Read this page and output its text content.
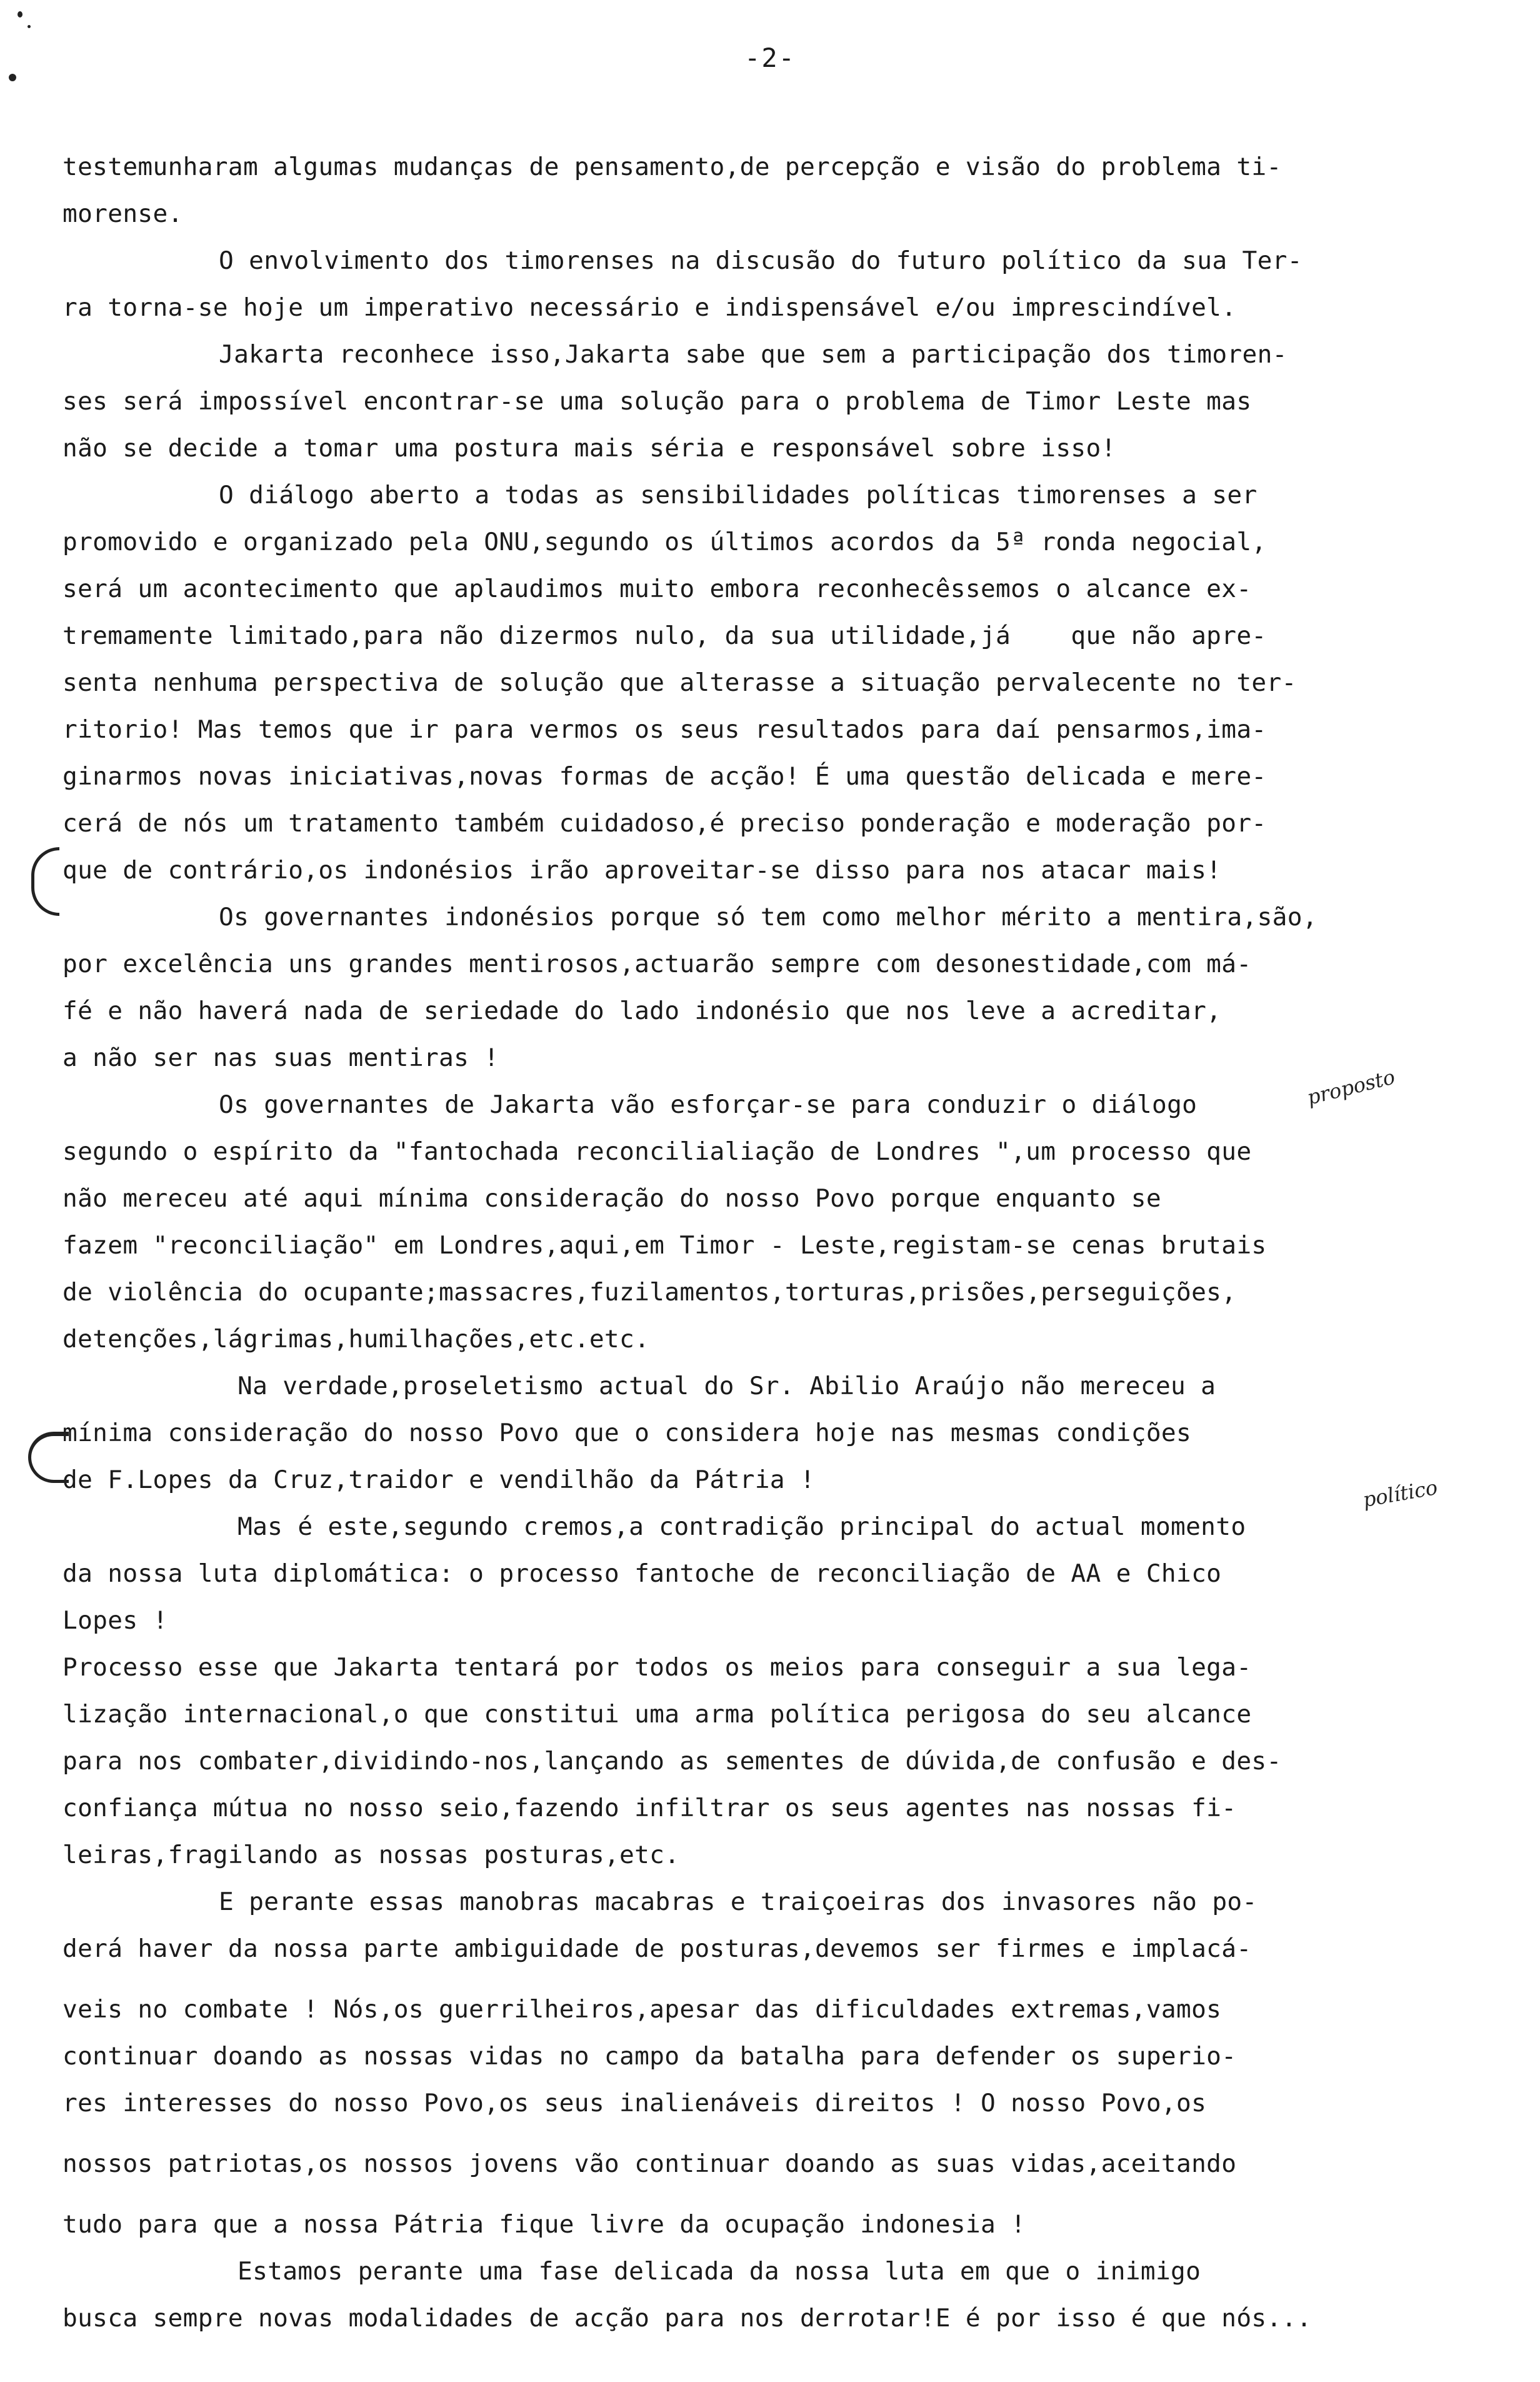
-2-
testemunharam algumas mudanças de pensamento,de percepção e visão do problema ti-
morense.
O envolvimento dos timorenses na discusão do futuro político da sua Ter-
ra torna-se hoje um imperativo necessário e indispensável e/ou imprescindível.
Jakarta reconhece isso,Jakarta sabe que sem a participação dos timoren-
ses será impossível encontrar-se uma solução para o problema de Timor Leste mas
não se decide a tomar uma postura mais séria e responsável sobre isso!
O diálogo aberto a todas as sensibilidades políticas timorenses a ser
promovido e organizado pela ONU,segundo os últimos acordos da 5ª ronda negocial,
será um acontecimento que aplaudimos muito embora reconhecêssemos o alcance ex-
tremamente limitado,para não dizermos nulo, da sua utilidade,já    que não apre-
senta nenhuma perspectiva de solução que alterasse a situação pervalecente no ter-
ritorio! Mas temos que ir para vermos os seus resultados para daí pensarmos,ima-
ginarmos novas iniciativas,novas formas de acção! É uma questão delicada e mere-
cerá de nós um tratamento também cuidadoso,é preciso ponderação e moderação por-
que de contrário,os indonésios irão aproveitar-se disso para nos atacar mais!
Os governantes indonésios porque só tem como melhor mérito a mentira,são,
por excelência uns grandes mentirosos,actuarão sempre com desonestidade,com má-
fé e não haverá nada de seriedade do lado indonésio que nos leve a acreditar,
a não ser nas suas mentiras !
Os governantes de Jakarta vão esforçar-se para conduzir o diálogo
segundo o espírito da "fantochada reconcilialiação de Londres ",um processo que
não mereceu até aqui mínima consideração do nosso Povo porque enquanto se
fazem "reconciliação" em Londres,aqui,em Timor - Leste,registam-se cenas brutais
de violência do ocupante;massacres,fuzilamentos,torturas,prisões,perseguições,
detenções,lágrimas,humilhações,etc.etc.
Na verdade,proseletismo actual do Sr. Abilio Araújo não mereceu a
mínima consideração do nosso Povo que o considera hoje nas mesmas condições
de F.Lopes da Cruz,traidor e vendilhão da Pátria !
Mas é este,segundo cremos,a contradição principal do actual momento
da nossa luta diplomática: o processo fantoche de reconciliação de AA e Chico
Lopes !
Processo esse que Jakarta tentará por todos os meios para conseguir a sua lega-
lização internacional,o que constitui uma arma política perigosa do seu alcance
para nos combater,dividindo-nos,lançando as sementes de dúvida,de confusão e des-
confiança mútua no nosso seio,fazendo infiltrar os seus agentes nas nossas fi-
leiras,fragilando as nossas posturas,etc.
E perante essas manobras macabras e traiçoeiras dos invasores não po-
derá haver da nossa parte ambiguidade de posturas,devemos ser firmes e implacá-
veis no combate ! Nós,os guerrilheiros,apesar das dificuldades extremas,vamos
continuar doando as nossas vidas no campo da batalha para defender os superio-
res interesses do nosso Povo,os seus inalienáveis direitos ! O nosso Povo,os
nossos patriotas,os nossos jovens vão continuar doando as suas vidas,aceitando
tudo para que a nossa Pátria fique livre da ocupação indonesia !
Estamos perante uma fase delicada da nossa luta em que o inimigo
busca sempre novas modalidades de acção para nos derrotar!E é por isso é que nós...
proposto
político
